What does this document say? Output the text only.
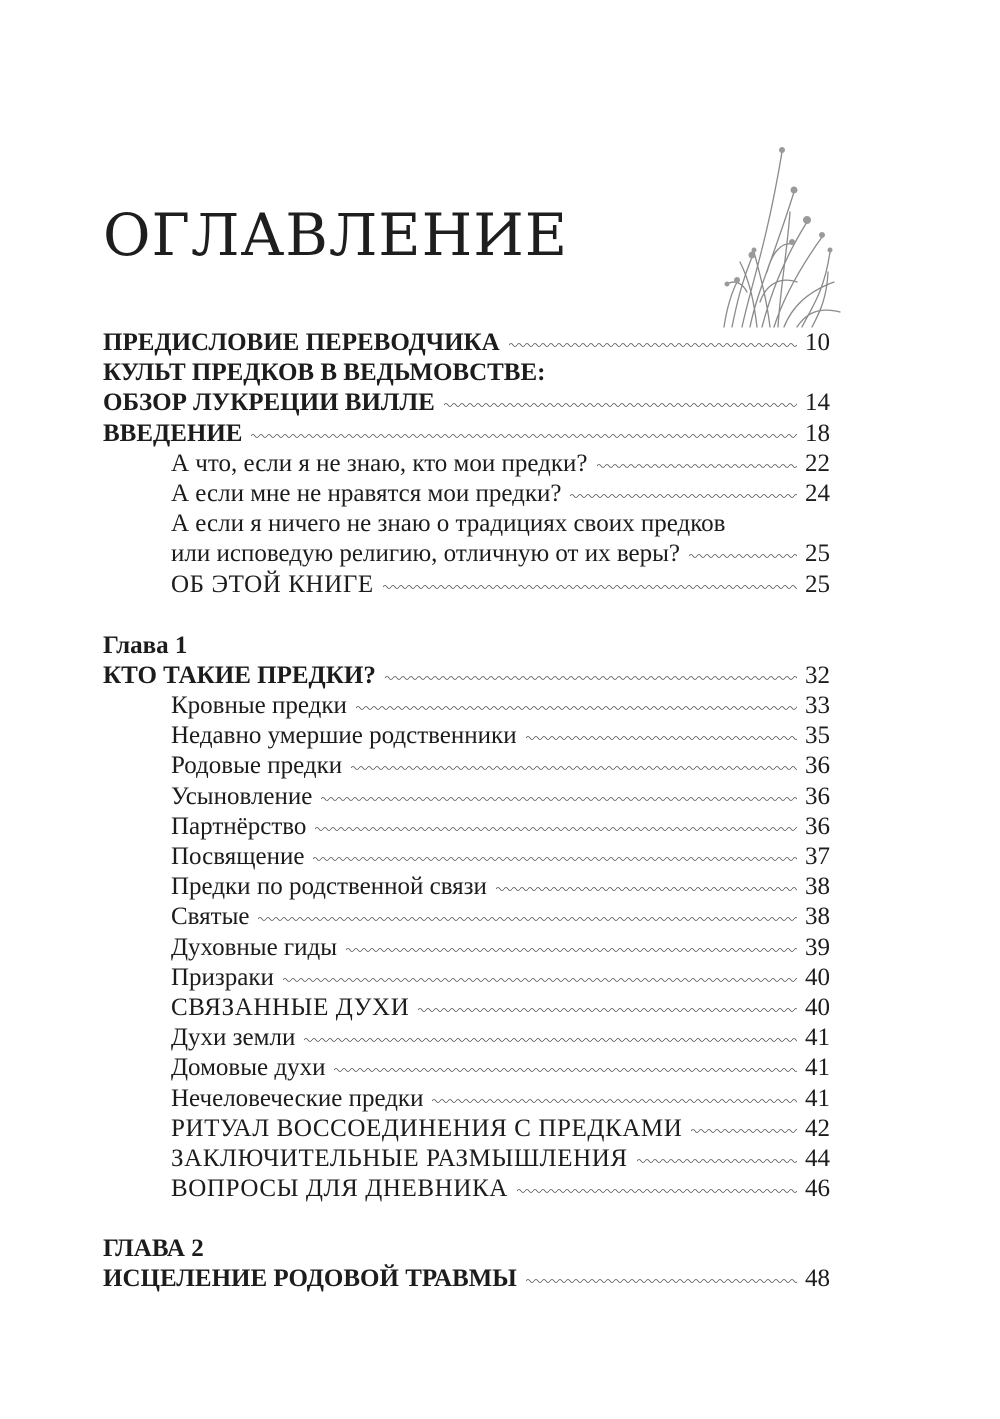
ОГЛАВЛЕНИЕ
ПРЕДИСЛОВИЕ ПЕРЕВОДЧИКА	10
КУЛЬТ ПРЕДКОВ В ВЕДЬМОВСТВЕ:
ОБЗОР ЛУКРЕЦИИ ВИЛЛЕ	14
ВВЕДЕНИЕ	18
А что, если я не знаю, кто мои предки?	22
А если мне не нравятся мои предки?	24
А если я ничего не знаю о традициях своих предков
или исповедую религию, отличную от их веры?	25
ОБ ЭТОЙ КНИГЕ	25
Глава 1
КТО ТАКИЕ ПРЕДКИ?	32
Кровные предки	33
Недавно умершие родственники	35
Родовые предки	36
Усыновление	36
Партнёрство	36
Посвящение	37
Предки по родственной связи	38
Святые	38
Духовные гиды	39
Призраки	40
СВЯЗАННЫЕ ДУХИ	40
Духи земли	41
Домовые духи	41
Нечеловеческие предки	41
РИТУАЛ ВОССОЕДИНЕНИЯ С ПРЕДКАМИ	42
ЗАКЛЮЧИТЕЛЬНЫЕ РАЗМЫШЛЕНИЯ	44
ВОПРОСЫ ДЛЯ ДНЕВНИКА	46
ГЛАВА 2
ИСЦЕЛЕНИЕ РОДОВОЙ ТРАВМЫ	48
